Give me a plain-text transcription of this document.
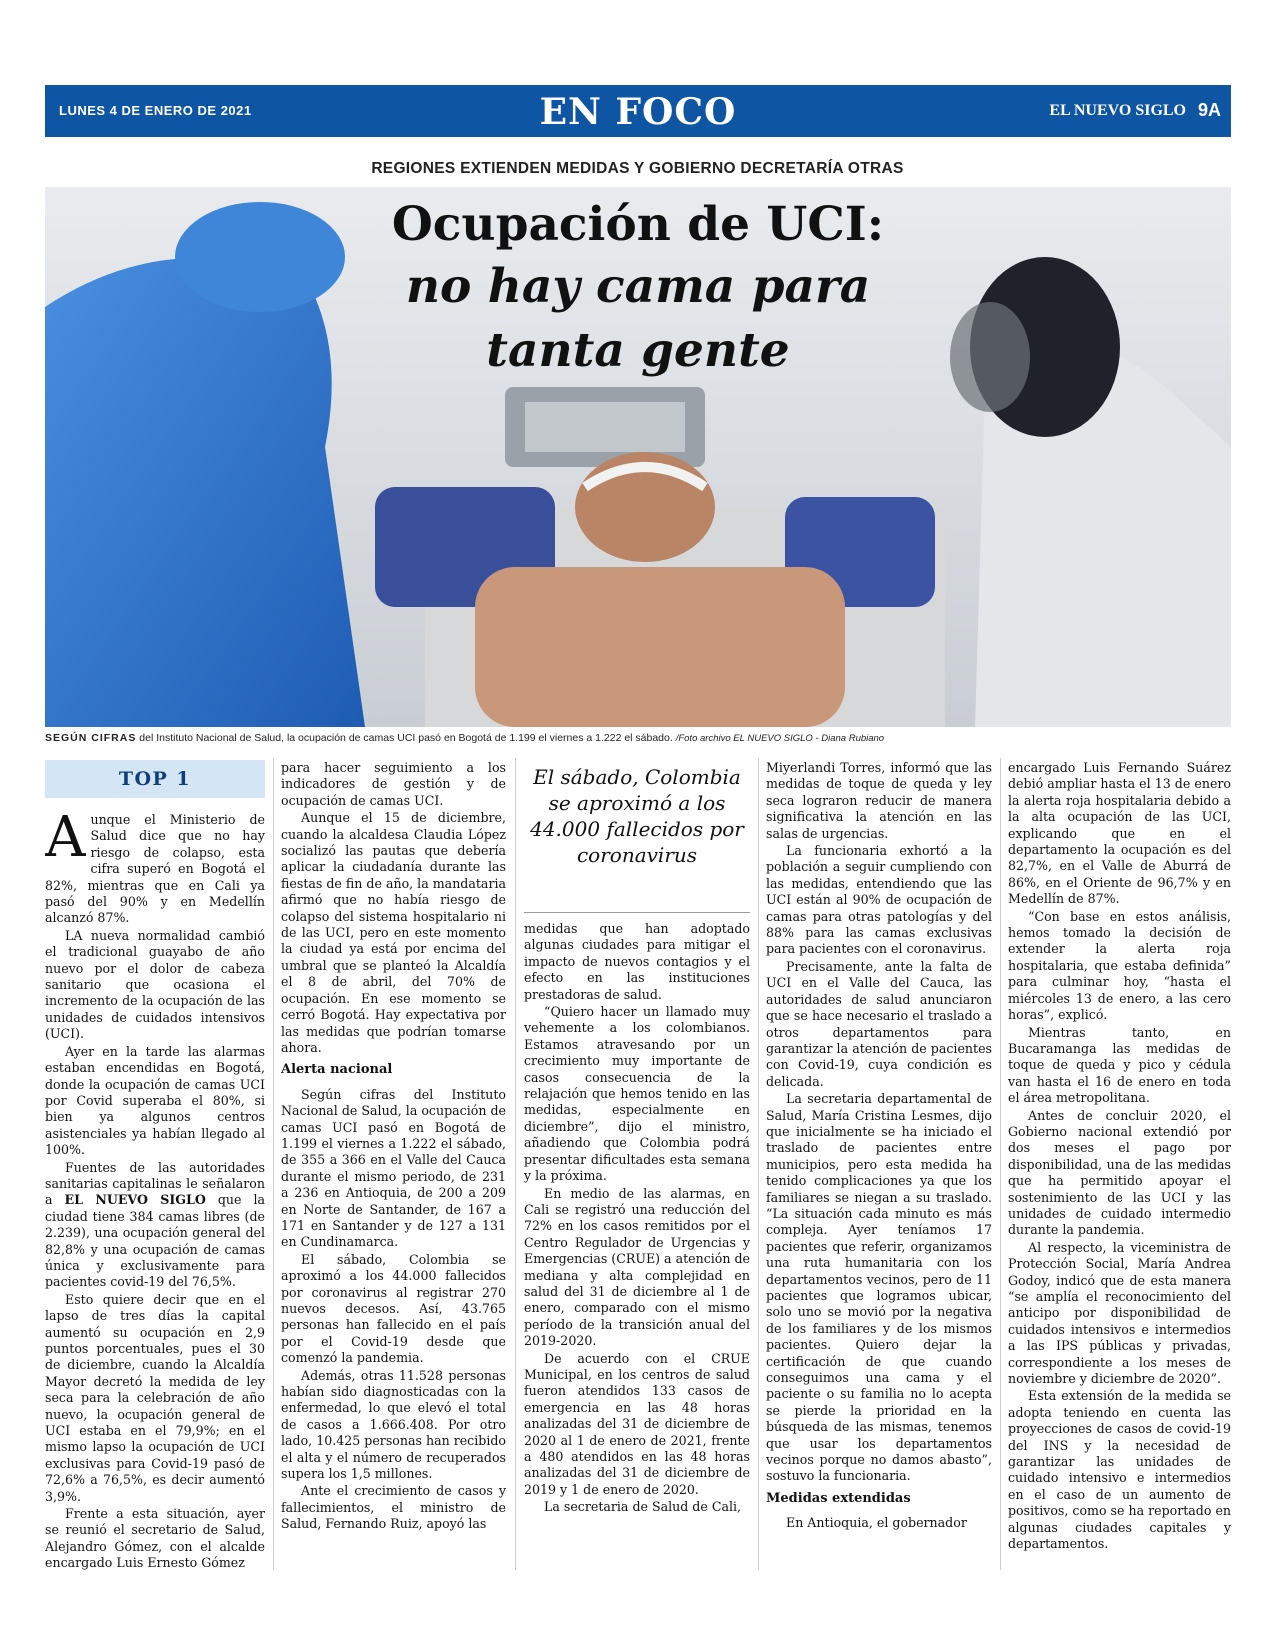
LUNES 4 DE ENERO DE 2021	EN FOCO	EL NUEVO SIGLO 9A
REGIONES EXTIENDEN MEDIDAS Y GOBIERNO DECRETARÍA OTRAS
Ocupación de UCI:
no hay cama para
tanta gente
SEGÚN CIFRAS del Instituto Nacional de Salud, la ocupación de camas UCI pasó en Bogotá de 1.199 el viernes a 1.222 el sábado. /Foto archivo EL NUEVO SIGLO - Diana Rubiano
TOP 1

Aunque el Ministerio de Salud dice que no hay riesgo de colapso, esta cifra superó en Bogotá el 82%, mientras que en Cali ya pasó del 90% y en Medellín alcanzó 87%.

LA nueva normalidad cambió el tradicional guayabo de año nuevo por el dolor de cabeza sanitario que ocasiona el incremento de la ocupación de las unidades de cuidados intensivos (UCI).

Ayer en la tarde las alarmas estaban encendidas en Bogotá, donde la ocupación de camas UCI por Covid superaba el 80%, si bien ya algunos centros asistenciales ya habían llegado al 100%.

Fuentes de las autoridades sanitarias capitalinas le señalaron a EL NUEVO SIGLO que la ciudad tiene 384 camas libres (de 2.239), una ocupación general del 82,8% y una ocupación de camas única y exclusivamente para pacientes covid-19 del 76,5%.

Esto quiere decir que en el lapso de tres días la capital aumentó su ocupación en 2,9 puntos porcentuales, pues el 30 de diciembre, cuando la Alcaldía Mayor decretó la medida de ley seca para la celebración de año nuevo, la ocupación general de UCI estaba en el 79,9%; en el mismo lapso la ocupación de UCI exclusivas para Covid-19 pasó de 72,6% a 76,5%, es decir aumentó 3,9%.

Frente a esta situación, ayer se reunió el secretario de Salud, Alejandro Gómez, con el alcalde encargado Luis Ernesto Gómez

para hacer seguimiento a los indicadores de gestión y de ocupación de camas UCI.

Aunque el 15 de diciembre, cuando la alcaldesa Claudia López socializó las pautas que debería aplicar la ciudadanía durante las fiestas de fin de año, la mandataria afirmó que no había riesgo de colapso del sistema hospitalario ni de las UCI, pero en este momento la ciudad ya está por encima del umbral que se planteó la Alcaldía el 8 de abril, del 70% de ocupación. En ese momento se cerró Bogotá. Hay expectativa por las medidas que podrían tomarse ahora.

Alerta nacional

Según cifras del Instituto Nacional de Salud, la ocupación de camas UCI pasó en Bogotá de 1.199 el viernes a 1.222 el sábado, de 355 a 366 en el Valle del Cauca durante el mismo periodo, de 231 a 236 en Antioquia, de 200 a 209 en Norte de Santander, de 167 a 171 en Santander y de 127 a 131 en Cundinamarca.

El sábado, Colombia se aproximó a los 44.000 fallecidos por coronavirus al registrar 270 nuevos decesos. Así, 43.765 personas han fallecido en el país por el Covid-19 desde que comenzó la pandemia.

Además, otras 11.528 personas habían sido diagnosticadas con la enfermedad, lo que elevó el total de casos a 1.666.408. Por otro lado, 10.425 personas han recibido el alta y el número de recuperados supera los 1,5 millones.

Ante el crecimiento de casos y fallecimientos, el ministro de Salud, Fernando Ruiz, apoyó las

El sábado, Colombia se aproximó a los 44.000 fallecidos por coronavirus

medidas que han adoptado algunas ciudades para mitigar el impacto de nuevos contagios y el efecto en las instituciones prestadoras de salud.

“Quiero hacer un llamado muy vehemente a los colombianos. Estamos atravesando por un crecimiento muy importante de casos consecuencia de la relajación que hemos tenido en las medidas, especialmente en diciembre”, dijo el ministro, añadiendo que Colombia podrá presentar dificultades esta semana y la próxima.

En medio de las alarmas, en Cali se registró una reducción del 72% en los casos remitidos por el Centro Regulador de Urgencias y Emergencias (CRUE) a atención de mediana y alta complejidad en salud del 31 de diciembre al 1 de enero, comparado con el mismo período de la transición anual del 2019-2020.

De acuerdo con el CRUE Municipal, en los centros de salud fueron atendidos 133 casos de emergencia en las 48 horas analizadas del 31 de diciembre de 2020 al 1 de enero de 2021, frente a 480 atendidos en las 48 horas analizadas del 31 de diciembre de 2019 y 1 de enero de 2020.

La secretaria de Salud de Cali,

Miyerlandi Torres, informó que las medidas de toque de queda y ley seca lograron reducir de manera significativa la atención en las salas de urgencias.

La funcionaria exhortó a la población a seguir cumpliendo con las medidas, entendiendo que las UCI están al 90% de ocupación de camas para otras patologías y del 88% para las camas exclusivas para pacientes con el coronavirus.

Precisamente, ante la falta de UCI en el Valle del Cauca, las autoridades de salud anunciaron que se hace necesario el traslado a otros departamentos para garantizar la atención de pacientes con Covid-19, cuya condición es delicada.

La secretaria departamental de Salud, María Cristina Lesmes, dijo que inicialmente se ha iniciado el traslado de pacientes entre municipios, pero esta medida ha tenido complicaciones ya que los familiares se niegan a su traslado. “La situación cada minuto es más compleja. Ayer teníamos 17 pacientes que referir, organizamos una ruta humanitaria con los departamentos vecinos, pero de 11 pacientes que logramos ubicar, solo uno se movió por la negativa de los familiares y de los mismos pacientes. Quiero dejar la certificación de que cuando conseguimos una cama y el paciente o su familia no lo acepta se pierde la prioridad en la búsqueda de las mismas, tenemos que usar los departamentos vecinos porque no damos abasto”, sostuvo la funcionaria.

Medidas extendidas

En Antioquia, el gobernador

encargado Luis Fernando Suárez debió ampliar hasta el 13 de enero la alerta roja hospitalaria debido a la alta ocupación de las UCI, explicando que en el departamento la ocupación es del 82,7%, en el Valle de Aburrá de 86%, en el Oriente de 96,7% y en Medellín de 87%.

“Con base en estos análisis, hemos tomado la decisión de extender la alerta roja hospitalaria, que estaba definida” para culminar hoy, “hasta el miércoles 13 de enero, a las cero horas”, explicó.

Mientras tanto, en Bucaramanga las medidas de toque de queda y pico y cédula van hasta el 16 de enero en toda el área metropolitana.

Antes de concluir 2020, el Gobierno nacional extendió por dos meses el pago por disponibilidad, una de las medidas que ha permitido apoyar el sostenimiento de las UCI y las unidades de cuidado intermedio durante la pandemia.

Al respecto, la viceministra de Protección Social, María Andrea Godoy, indicó que de esta manera “se amplía el reconocimiento del anticipo por disponibilidad de cuidados intensivos e intermedios a las IPS públicas y privadas, correspondiente a los meses de noviembre y diciembre de 2020”.

Esta extensión de la medida se adopta teniendo en cuenta las proyecciones de casos de covid-19 del INS y la necesidad de garantizar las unidades de cuidado intensivo e intermedios en el caso de un aumento de positivos, como se ha reportado en algunas ciudades capitales y departamentos.
